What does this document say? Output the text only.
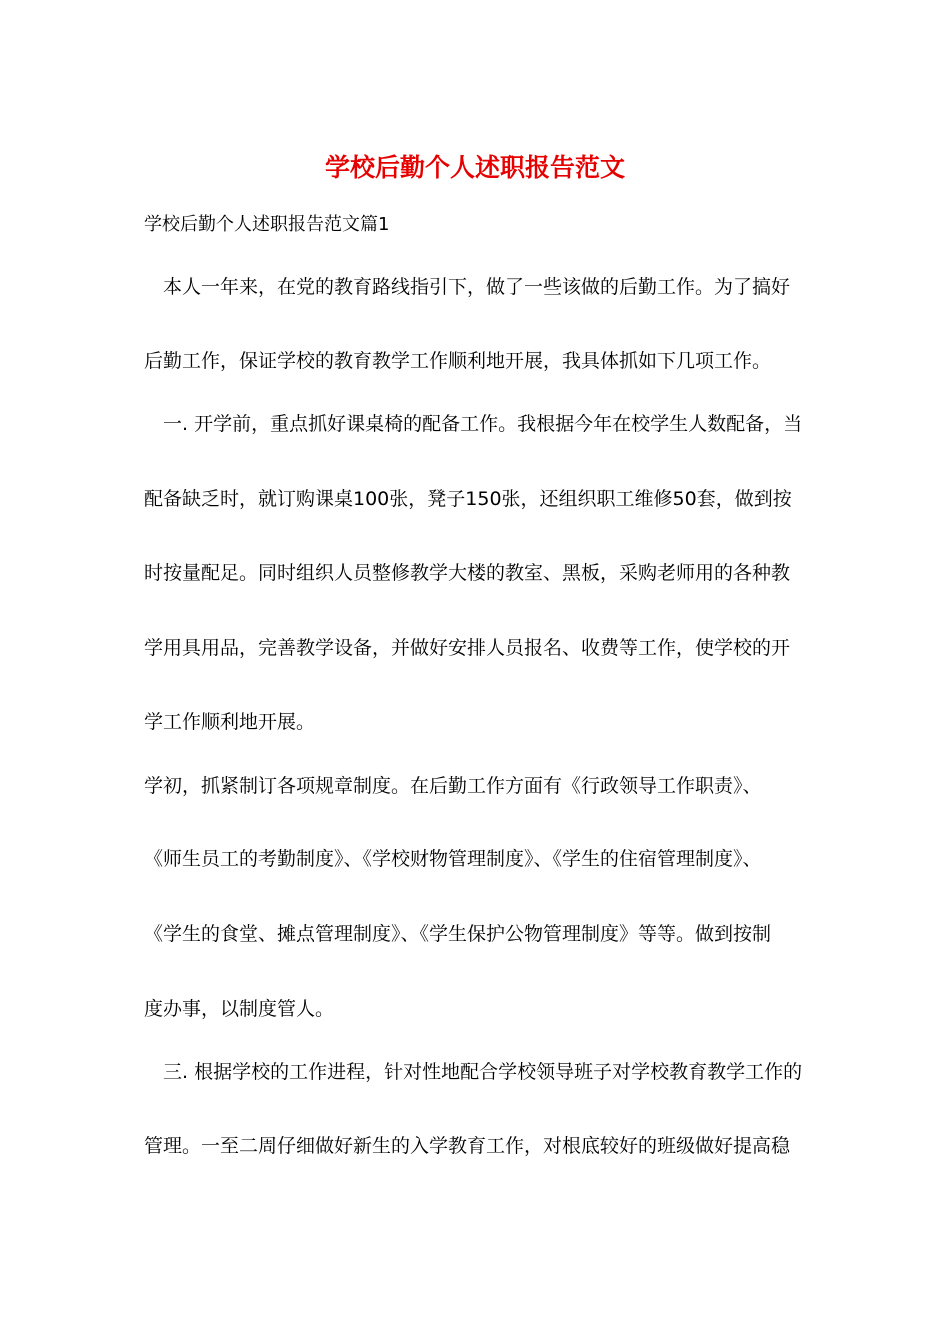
学校后勤个人述职报告范文

学校后勤个人述职报告范文篇1

本人一年来，在党的教育路线指引下，做了一些该做的后勤工作。为了搞好

后勤工作，保证学校的教育教学工作顺利地开展，我具体抓如下几项工作。

一. 开学前，重点抓好课桌椅的配备工作。我根据今年在校学生人数配备，当

配备缺乏时，就订购课桌100张，凳子150张，还组织职工维修50套，做到按

时按量配足。同时组织人员整修教学大楼的教室、黑板，采购老师用的各种教

学用具用品，完善教学设备，并做好安排人员报名、收费等工作，使学校的开

学工作顺利地开展。

学初，抓紧制订各项规章制度。在后勤工作方面有《行政领导工作职责》、

《师生员工的考勤制度》、《学校财物管理制度》、《学生的住宿管理制度》、

《学生的食堂、摊点管理制度》、《学生保护公物管理制度》等等。做到按制

度办事，以制度管人。

三. 根据学校的工作进程，针对性地配合学校领导班子对学校教育教学工作的

管理。一至二周仔细做好新生的入学教育工作，对根底较好的班级做好提高稳
